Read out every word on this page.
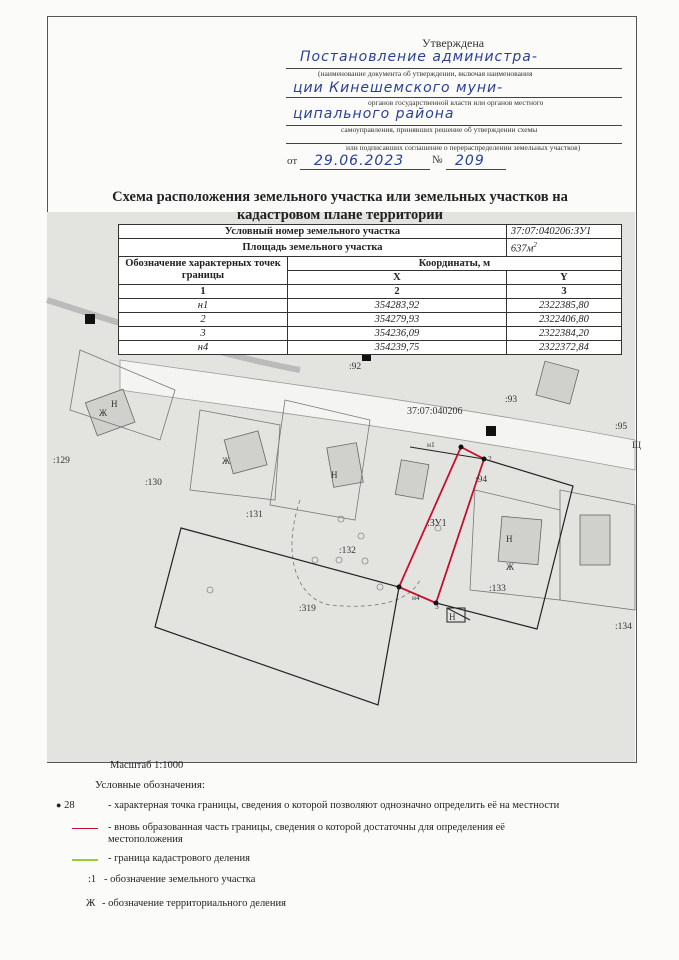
Утверждена
Постановление администра-
(наименование документа об утверждении, включая наименования
ции Кинешемского муни-
органов государственной власти или органов местного
ципального района
самоуправления, принявших решение об утверждении схемы
или подписавших соглашение о перераспределении земельных участков)
от 29.06.2023	№ 209
:92
:93
:95
:129
:130
:131
:132
:133
:134
:319
:94
37:07:040206
:ЗУ1
н1
2
3
н4
Н
Н
Н
Н
Ж
Ж
Ж
Щ
Схема расположения земельного участка или земельных участков на
кадастровом плане территории
Условный номер земельного участка		37:07:040206:ЗУ1
Площадь земельного участка		$637м^2$
Обозначение характерных точек границы	Координаты, м	
	X	Y
1	2	3
н1	354283,92	2322385,80
2	354279,93	2322406,80
3	354236,09	2322384,20
н4	354239,75	2322372,84
Масштаб 1:1000
Условные обозначения:
● 28	- характерная точка границы, сведения о которой позволяют однозначно определить её на местности
- вновь образованная часть границы, сведения о которой достаточны для определения её местоположения
- граница кадастрового деления
:1 - обозначение земельного участка
Ж - обозначение территориального деления
